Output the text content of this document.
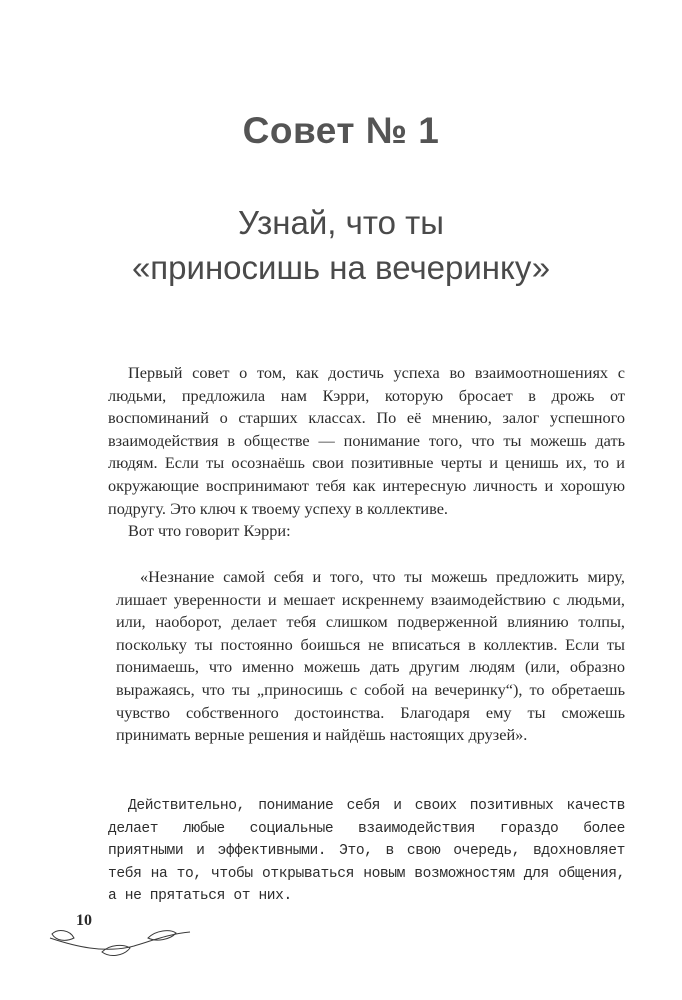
Совет № 1
Узнай, что ты
«приносишь на вечеринку»

Первый совет о том, как достичь успеха во взаимоотношениях с людьми, предложила нам Кэрри, которую бросает в дрожь от воспоминаний о старших классах. По её мнению, залог успешного взаимодействия в обществе — понимание того, что ты можешь дать людям. Если ты осознаёшь свои позитивные черты и ценишь их, то и окружающие воспринимают тебя как интересную личность и хорошую подругу. Это ключ к твоему успеху в коллективе.

Вот что говорит Кэрри:

«Незнание самой себя и того, что ты можешь предложить миру, лишает уверенности и мешает искреннему взаимодействию с людьми, или, наоборот, делает тебя слишком подверженной влиянию толпы, поскольку ты постоянно боишься не вписаться в коллектив. Если ты понимаешь, что именно можешь дать другим людям (или, образно выражаясь, что ты „приносишь с собой на вечеринку“), то обретаешь чувство собственного достоинства. Благодаря ему ты сможешь принимать верные решения и найдёшь настоящих друзей».

Действительно, понимание себя и своих позитивных качеств делает любые социальные взаимодействия гораздо более приятными и эффективными. Это, в свою очередь, вдохновляет тебя на то, чтобы открываться новым возможностям для общения, а не прятаться от них.

10
